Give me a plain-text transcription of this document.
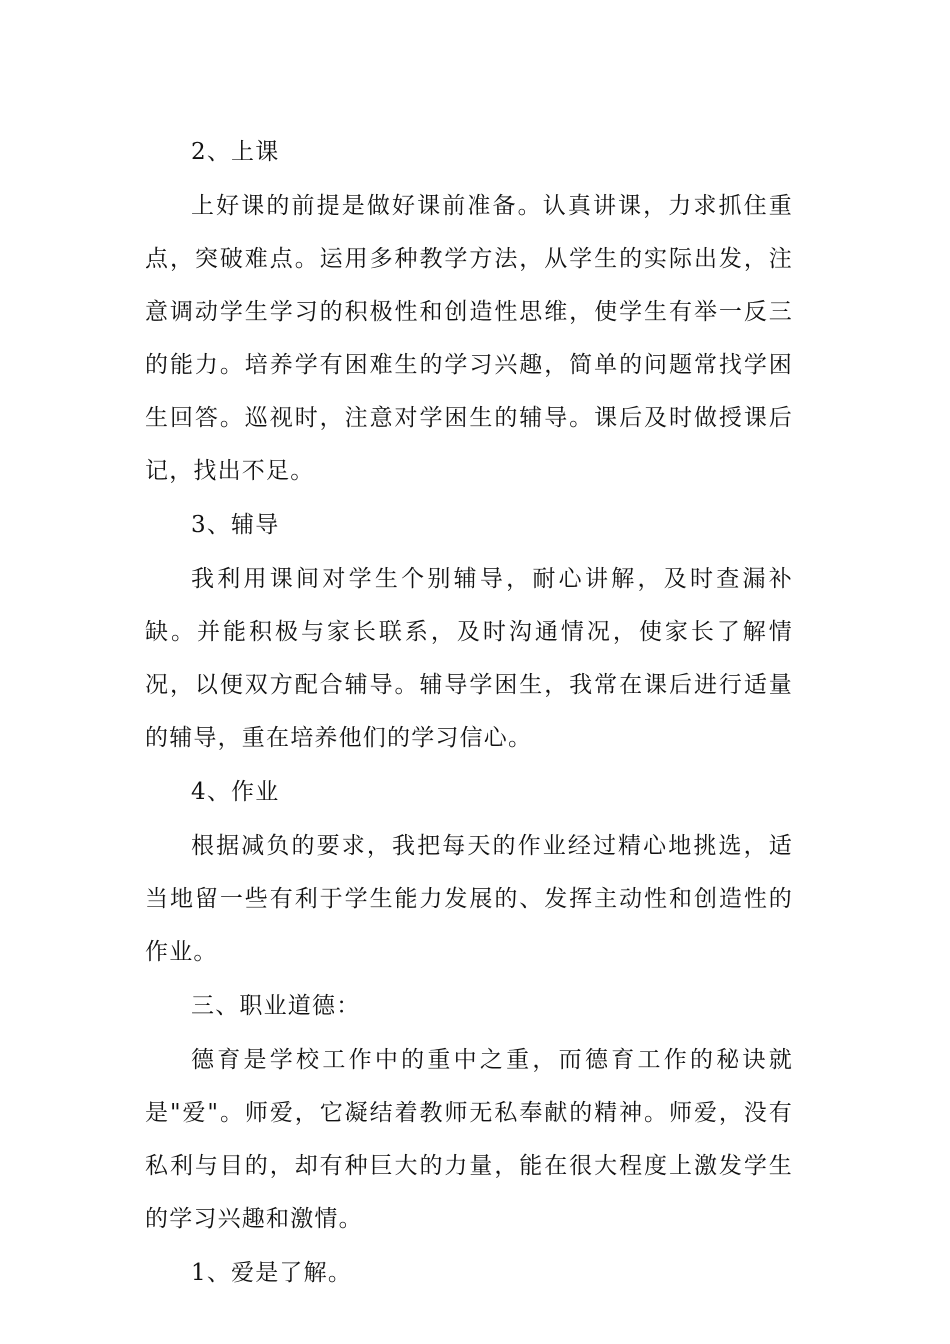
2、上课

上好课的前提是做好课前准备。认真讲课，力求抓住重点，突破难点。运用多种教学方法，从学生的实际出发，注意调动学生学习的积极性和创造性思维，使学生有举一反三的能力。培养学有困难生的学习兴趣，简单的问题常找学困生回答。巡视时，注意对学困生的辅导。课后及时做授课后记，找出不足。

3、辅导

我利用课间对学生个别辅导，耐心讲解，及时查漏补缺。并能积极与家长联系，及时沟通情况，使家长了解情况，以便双方配合辅导。辅导学困生，我常在课后进行适量的辅导，重在培养他们的学习信心。

4、作业

根据减负的要求，我把每天的作业经过精心地挑选，适当地留一些有利于学生能力发展的、发挥主动性和创造性的作业。

三、职业道德：

德育是学校工作中的重中之重，而德育工作的秘诀就是"爱"。师爱，它凝结着教师无私奉献的精神。师爱，没有私利与目的，却有种巨大的力量，能在很大程度上激发学生的学习兴趣和激情。

1、爱是了解。
